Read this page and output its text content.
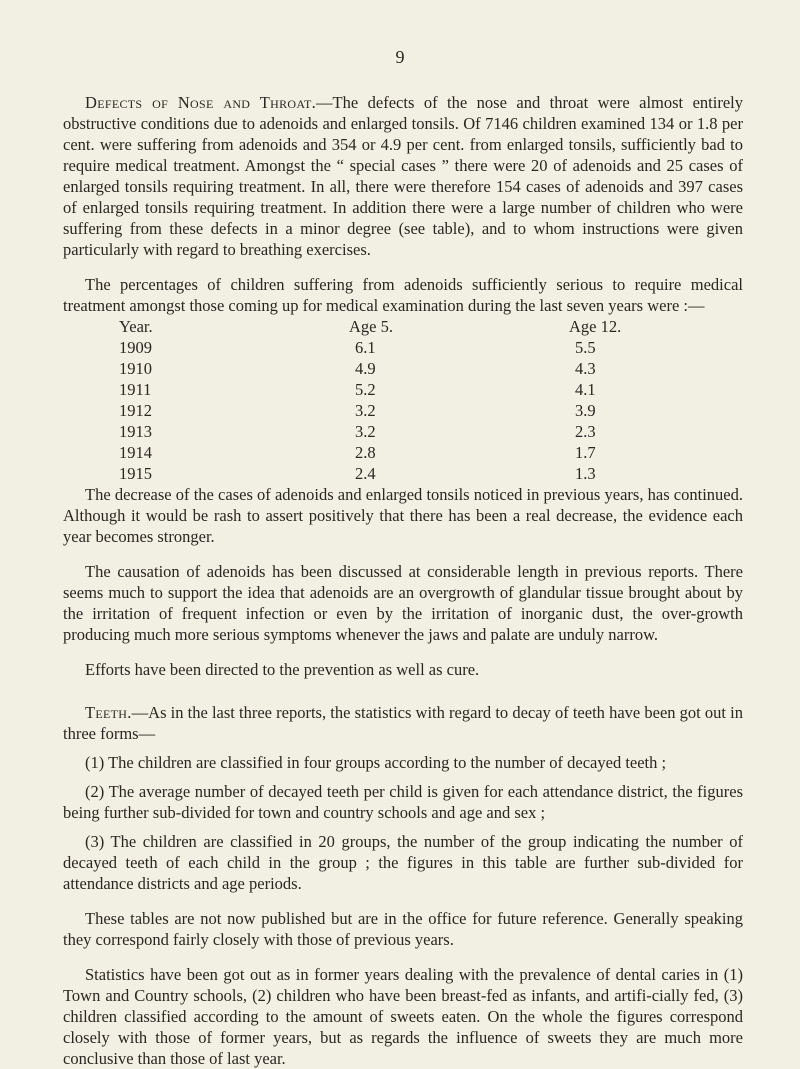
9

Defects of Nose and Throat.—The defects of the nose and throat were almost entirely obstructive conditions due to adenoids and enlarged tonsils. Of 7146 children examined 134 or 1.8 per cent. were suffering from adenoids and 354 or 4.9 per cent. from enlarged tonsils, sufficiently bad to require medical treatment. Amongst the “ special cases ” there were 20 of adenoids and 25 cases of enlarged tonsils requiring treatment. In all, there were therefore 154 cases of adenoids and 397 cases of enlarged tonsils requiring treatment. In addition there were a large number of children who were suffering from these defects in a minor degree (see table), and to whom instructions were given particularly with regard to breathing exercises.

The percentages of children suffering from adenoids sufficiently serious to require medical treatment amongst those coming up for medical examination during the last seven years were :—

Year.	Age 5.	Age 12.
1909	6.1	5.5
1910	4.9	4.3
1911	5.2	4.1
1912	3.2	3.9
1913	3.2	2.3
1914	2.8	1.7
1915	2.4	1.3

The decrease of the cases of adenoids and enlarged tonsils noticed in previous years, has continued. Although it would be rash to assert positively that there has been a real decrease, the evidence each year becomes stronger.

The causation of adenoids has been discussed at considerable length in previous reports. There seems much to support the idea that adenoids are an overgrowth of glandular tissue brought about by the irritation of frequent infection or even by the irritation of inorganic dust, the over-growth producing much more serious symptoms whenever the jaws and palate are unduly narrow.

Efforts have been directed to the prevention as well as cure.

Teeth.—As in the last three reports, the statistics with regard to decay of teeth have been got out in three forms—

(1) The children are classified in four groups according to the number of decayed teeth ;

(2) The average number of decayed teeth per child is given for each attendance district, the figures being further sub-divided for town and country schools and age and sex ;

(3) The children are classified in 20 groups, the number of the group indicating the number of decayed teeth of each child in the group ; the figures in this table are further sub-divided for attendance districts and age periods.

These tables are not now published but are in the office for future reference. Generally speaking they correspond fairly closely with those of previous years.

Statistics have been got out as in former years dealing with the prevalence of dental caries in (1) Town and Country schools, (2) children who have been breast-fed as infants, and artifi-cially fed, (3) children classified according to the amount of sweets eaten. On the whole the figures correspond closely with those of former years, but as regards the influence of sweets they are much more conclusive than those of last year.
